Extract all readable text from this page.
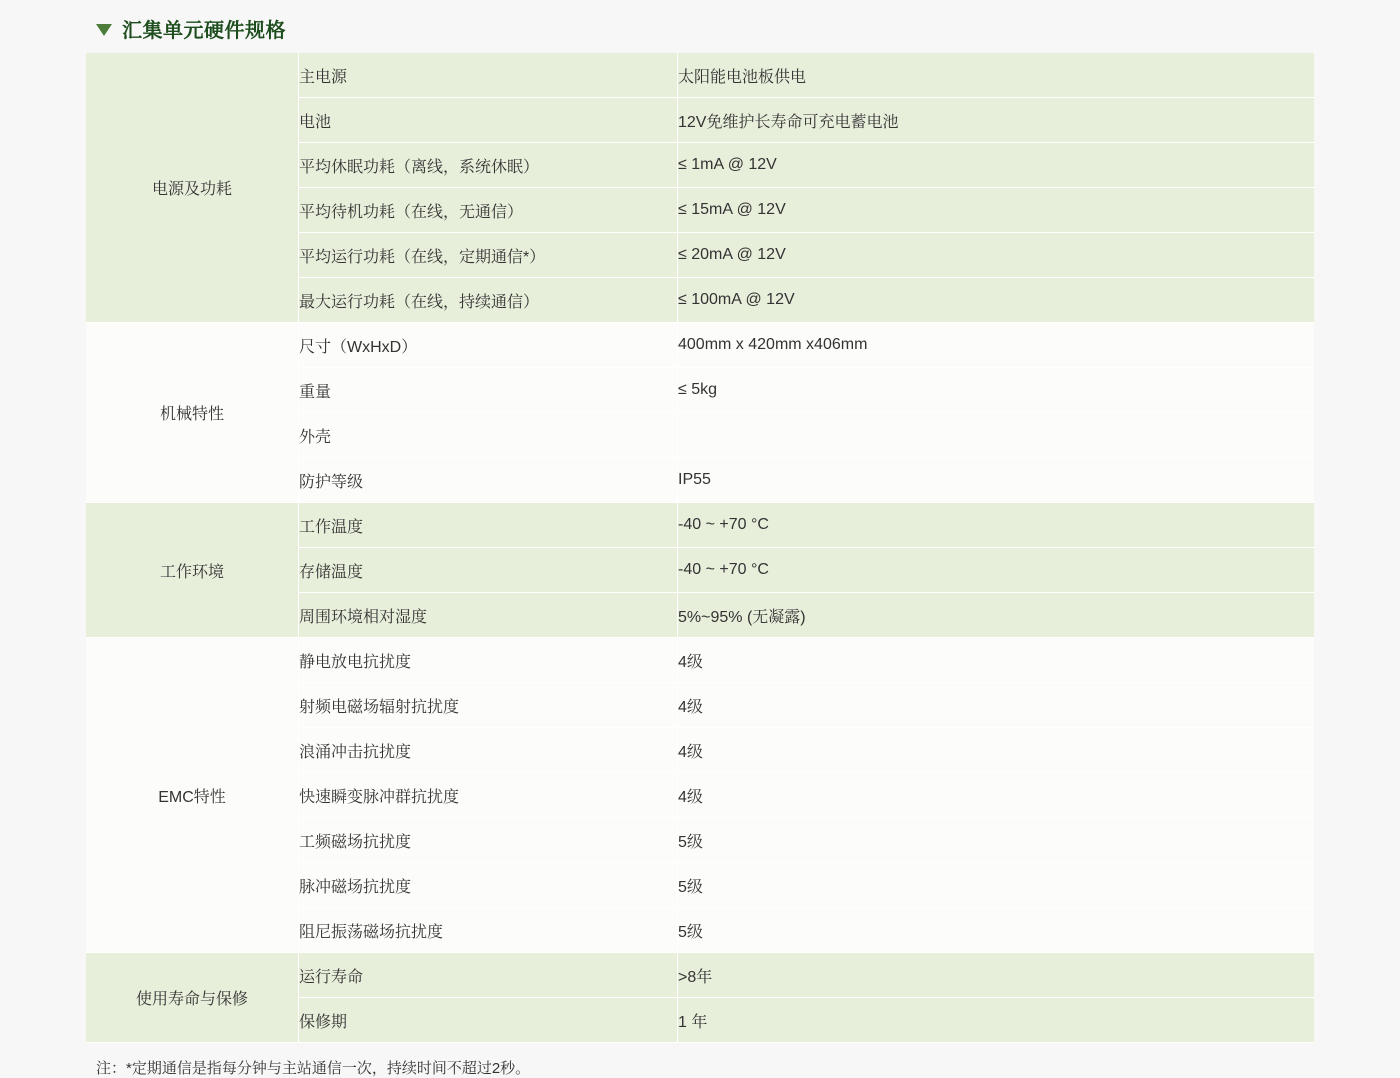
汇集单元硬件规格
电源及功耗	主电源	太阳能电池板供电
	电池	12V免维护长寿命可充电蓄电池
	平均休眠功耗（离线，系统休眠）	≤ 1mA @ 12V
	平均待机功耗（在线，无通信）	≤ 15mA @ 12V
	平均运行功耗（在线，定期通信*）	≤ 20mA @ 12V
	最大运行功耗（在线，持续通信）	≤ 100mA @ 12V
机械特性	尺寸（WxHxD）	400mm x 420mm x406mm
	重量	≤ 5kg
	外壳	
	防护等级	IP55
工作环境	工作温度	-40 ~ +70 °C
	存储温度	-40 ~ +70 °C
	周围环境相对湿度	5%~95% (无凝露)
EMC特性	静电放电抗扰度	4级
	射频电磁场辐射抗扰度	4级
	浪涌冲击抗扰度	4级
	快速瞬变脉冲群抗扰度	4级
	工频磁场抗扰度	5级
	脉冲磁场抗扰度	5级
	阻尼振荡磁场抗扰度	5级
使用寿命与保修	运行寿命	>8年
	保修期	1 年
注：*定期通信是指每分钟与主站通信一次，持续时间不超过2秒。
